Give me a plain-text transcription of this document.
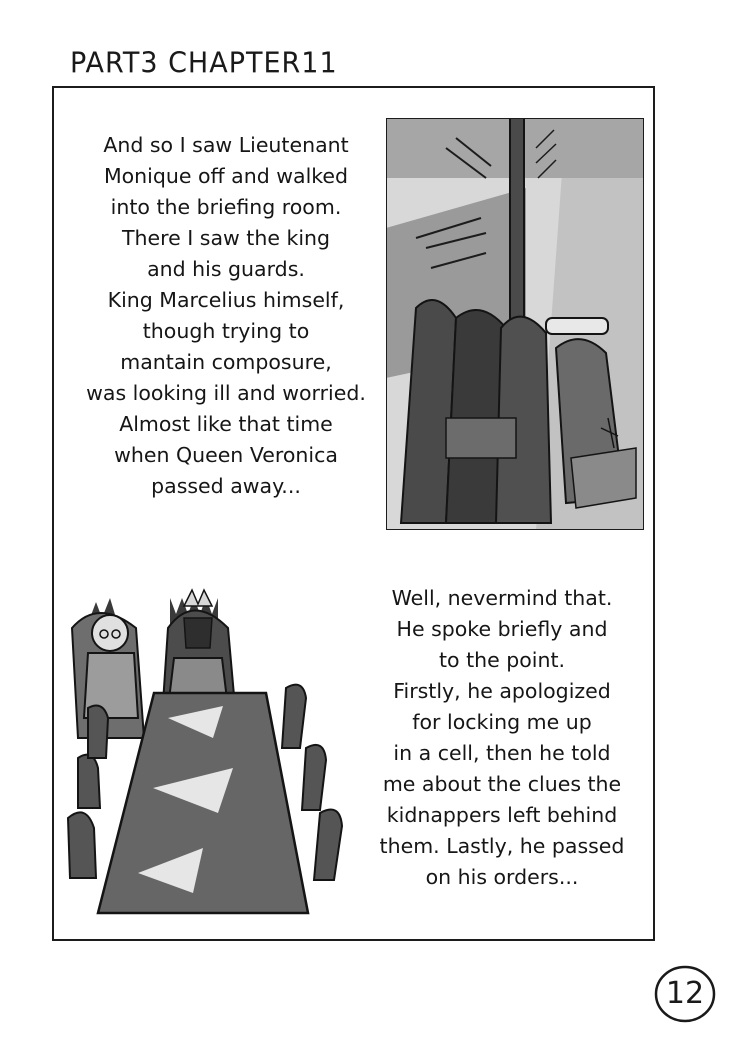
PART3 CHAPTER11
And so I saw Lieutenant
Monique off and walked
into the briefing room.
There I saw the king
and his guards.
King Marcelius himself,
though trying to
mantain composure,
was looking ill and worried.
Almost like that time
when Queen Veronica
passed away...
Well, nevermind that.
He spoke briefly and
to the point.
Firstly, he apologized
for locking me up
in a cell, then he told
me about the clues the
kidnappers left behind
them. Lastly, he passed
on his orders...
12
